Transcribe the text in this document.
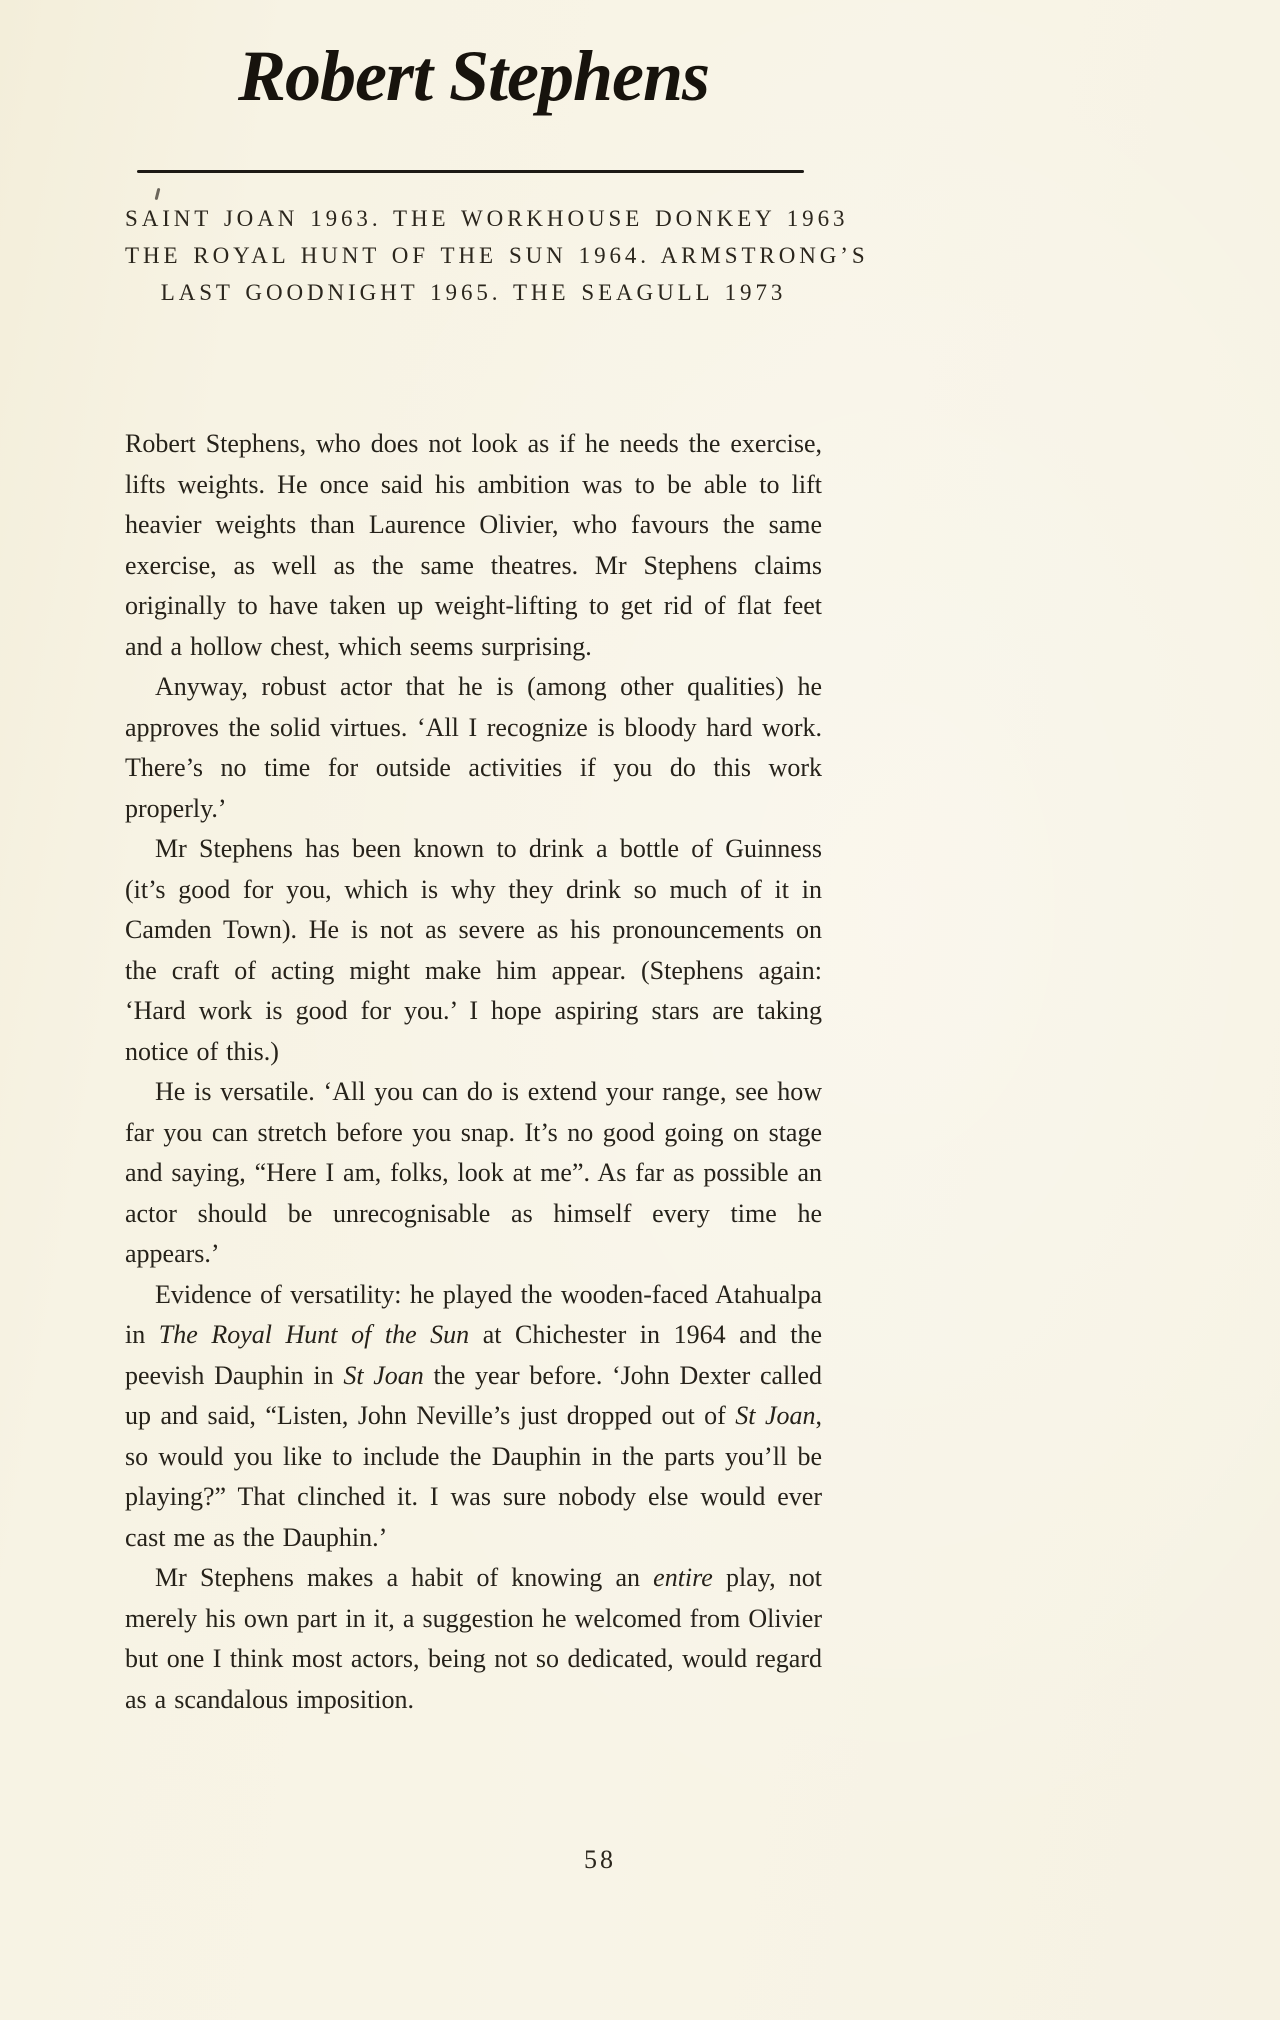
Robert Stephens
SAINT JOAN 1963. THE WORKHOUSE DONKEY 1963
THE ROYAL HUNT OF THE SUN 1964. ARMSTRONG’S
LAST GOODNIGHT 1965. THE SEAGULL 1973

Robert Stephens, who does not look as if he needs the exercise, lifts weights. He once said his ambition was to be able to lift heavier weights than Laurence Olivier, who favours the same exercise, as well as the same theatres. Mr Stephens claims originally to have taken up weight-lifting to get rid of flat feet and a hollow chest, which seems surprising.

Anyway, robust actor that he is (among other qualities) he approves the solid virtues. ‘All I recognize is bloody hard work. There’s no time for outside activities if you do this work properly.’

Mr Stephens has been known to drink a bottle of Guinness (it’s good for you, which is why they drink so much of it in Camden Town). He is not as severe as his pronouncements on the craft of acting might make him appear. (Stephens again: ‘Hard work is good for you.’ I hope aspiring stars are taking notice of this.)

He is versatile. ‘All you can do is extend your range, see how far you can stretch before you snap. It’s no good going on stage and saying, “Here I am, folks, look at me”. As far as possible an actor should be unrecognisable as himself every time he appears.’

Evidence of versatility: he played the wooden-faced Atahualpa in The Royal Hunt of the Sun at Chichester in 1964 and the peevish Dauphin in St Joan the year before. ‘John Dexter called up and said, “Listen, John Neville’s just dropped out of St Joan, so would you like to include the Dauphin in the parts you’ll be playing?” That clinched it. I was sure nobody else would ever cast me as the Dauphin.’

Mr Stephens makes a habit of knowing an entire play, not merely his own part in it, a suggestion he welcomed from Olivier but one I think most actors, being not so dedicated, would regard as a scandalous imposition.

58
